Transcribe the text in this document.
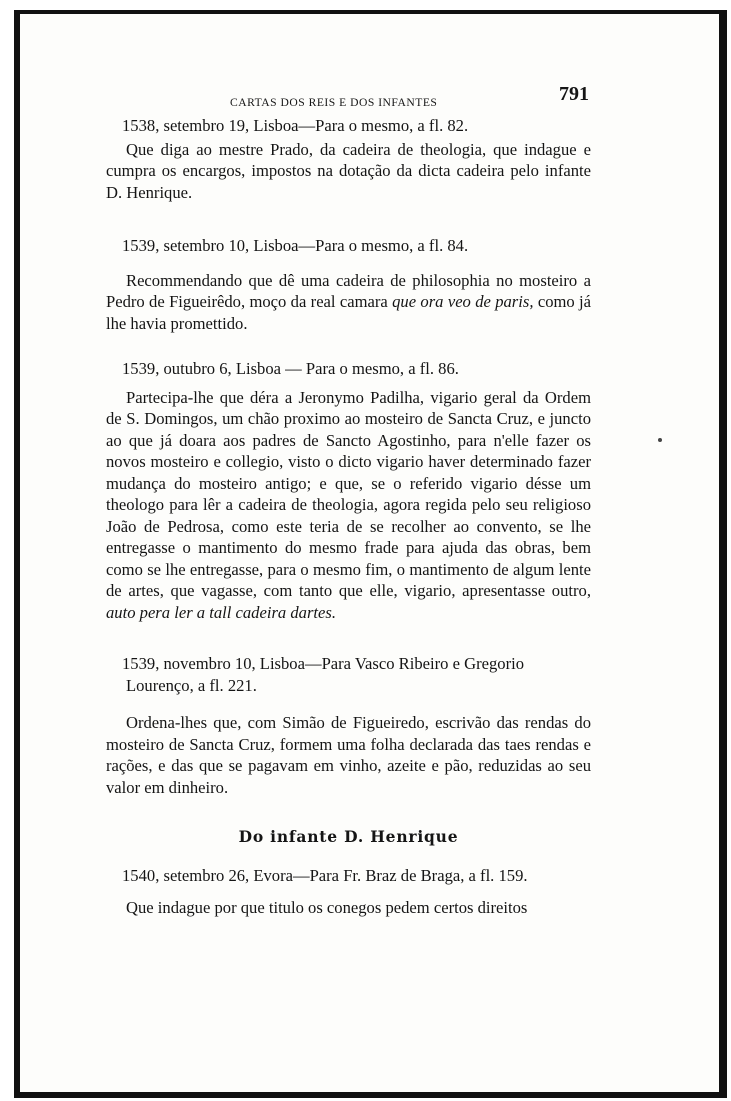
CARTAS DOS REIS E DOS INFANTES	791

1538, setembro 19, Lisboa—Para o mesmo, a fl. 82.

Que diga ao mestre Prado, da cadeira de theologia, que indague e cumpra os encargos, impostos na dotação da dicta cadeira pelo infante D. Henrique.

1539, setembro 10, Lisboa—Para o mesmo, a fl. 84.

Recommendando que dê uma cadeira de philosophia no mosteiro a Pedro de Figueirêdo, moço da real camara que ora veo de paris, como já lhe havia promettido.

1539, outubro 6, Lisboa — Para o mesmo, a fl. 86.

Partecipa-lhe que déra a Jeronymo Padilha, vigario geral da Ordem de S. Domingos, um chão proximo ao mosteiro de Sancta Cruz, e juncto ao que já doara aos padres de Sancto Agostinho, para n'elle fazer os novos mosteiro e collegio, visto o dicto vigario haver determinado fazer mudança do mosteiro antigo; e que, se o referido vigario désse um theologo para lêr a cadeira de theologia, agora regida pelo seu religioso João de Pedrosa, como este teria de se recolher ao convento, se lhe entregasse o mantimento do mesmo frade para ajuda das obras, bem como se lhe entregasse, para o mesmo fim, o mantimento de algum lente de artes, que vagasse, com tanto que elle, vigario, apresentasse outro, auto pera ler a tall cadeira dartes.

1539, novembro 10, Lisboa—Para Vasco Ribeiro e Gregorio Lourenço, a fl. 221.

Ordena-lhes que, com Simão de Figueiredo, escrivão das rendas do mosteiro de Sancta Cruz, formem uma folha declarada das taes rendas e rações, e das que se pagavam em vinho, azeite e pão, reduzidas ao seu valor em dinheiro.

Do infante D. Henrique

1540, setembro 26, Evora—Para Fr. Braz de Braga, a fl. 159.

Que indague por que titulo os conegos pedem certos direitos
